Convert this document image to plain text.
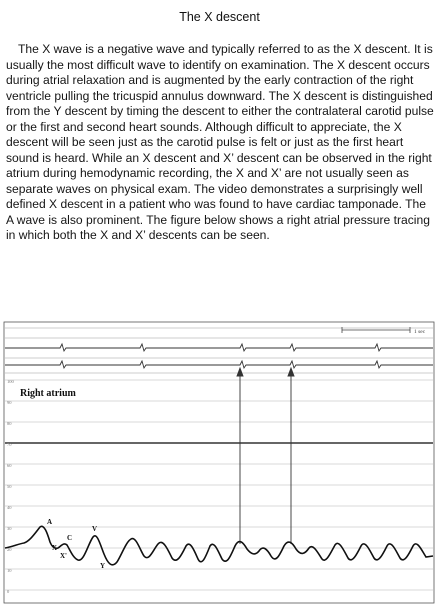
The X descent

The X wave is a negative wave and typically referred to as the X descent. It is usually the most difficult wave to identify on examination. The X descent occurs during atrial relaxation and is augmented by the early contraction of the right ventricle pulling the tricuspid annulus downward. The X descent is distinguished from the Y descent by timing the descent to either the contralateral carotid pulse or the first and second heart sounds. Although difficult to appreciate, the X descent will be seen just as the carotid pulse is felt or just as the first heart sound is heard. While an X descent and X’ descent can be observed in the right atrium during hemodynamic recording, the X and X’ are not usually seen as separate waves on physical exam. The video demonstrates a surprisingly well defined X descent in a patient who was found to have cardiac tamponade. The A wave is also prominent. The figure below shows a right atrial pressure tracing in which both the X and X’ descents can be seen.

1 sec
100
90
80
70
60
50
40
30
20
10
0
Right atrium
A
C
V
X
X'
Y
